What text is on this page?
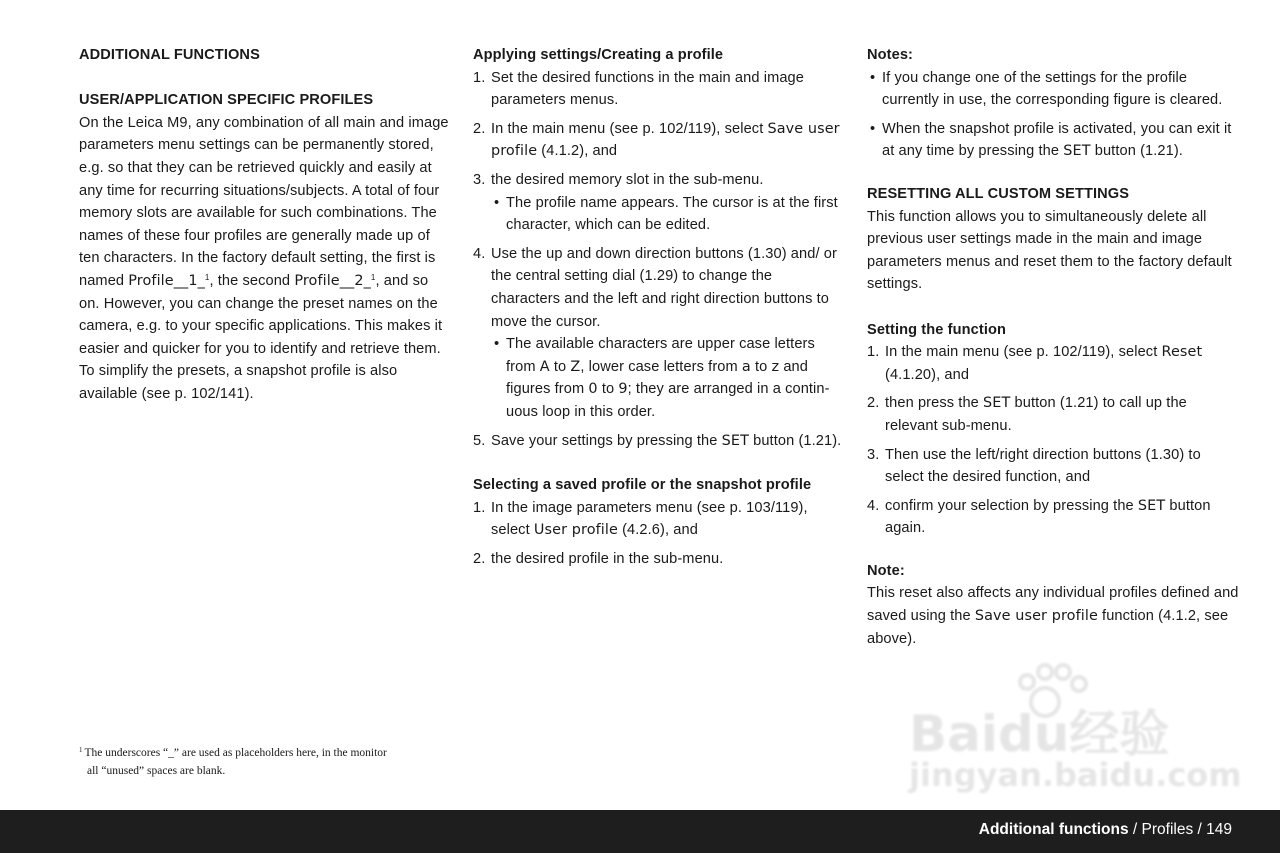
ADDITIONAL FUNCTIONS

USER/APPLICATION SPECIFIC PROFILES

On the Leica M9, any combination of all main and image parameters menu settings can be permanently stored, e.g. so that they can be retrieved quickly and easily at any time for recurring situations/subjects. A total of four memory slots are available for such combinations. The names of these four profiles are generally made up of ten characters. In the factory default setting, the first is named Profile__1_$^1$, the second Profile__2_$^1$, and so on. However, you can change the preset names on the camera, e.g. to your specific applications. This makes it easier and quicker for you to identify and retrieve them.

To simplify the presets, a snapshot profile is also available (see p. 102/141).

$^1$ The underscores “_” are used as placeholders here, in the monitor
all “unused” spaces are blank.

Applying settings/Creating a profile

1. Set the desired functions in the main and image parameters menus.
2. In the main menu (see p. 102/119), select Save user profile (4.1.2), and
3. the desired memory slot in the sub-menu.
• The profile name appears. The cursor is at the first character, which can be edited.
4. Use the up and down direction buttons (1.30) and/ or the central setting dial (1.29) to change the characters and the left and right direction buttons to move the cursor.
• The available characters are upper case letters from A to Z, lower case letters from a to z and figures from 0 to 9; they are arranged in a continuous loop in this order.
5. Save your settings by pressing the SET button (1.21).

Selecting a saved profile or the snapshot profile

1. In the image parameters menu (see p. 103/119), select User profile (4.2.6), and
2. the desired profile in the sub-menu.

Notes:

• If you change one of the settings for the profile currently in use, the corresponding figure is cleared.
• When the snapshot profile is activated, you can exit it at any time by pressing the SET button (1.21).

RESETTING ALL CUSTOM SETTINGS

This function allows you to simultaneously delete all previous user settings made in the main and image parameters menus and reset them to the factory default settings.

Setting the function

1. In the main menu (see p. 102/119), select Reset (4.1.20), and
2. then press the SET button (1.21) to call up the relevant sub-menu.
3. Then use the left/right direction buttons (1.30) to select the desired function, and
4. confirm your selection by pressing the SET button again.

Note:

This reset also affects any individual profiles defined and saved using the Save user profile function (4.1.2, see above).

Baidu经验
jingyan.baidu.com
Additional functions / Profiles / 149
